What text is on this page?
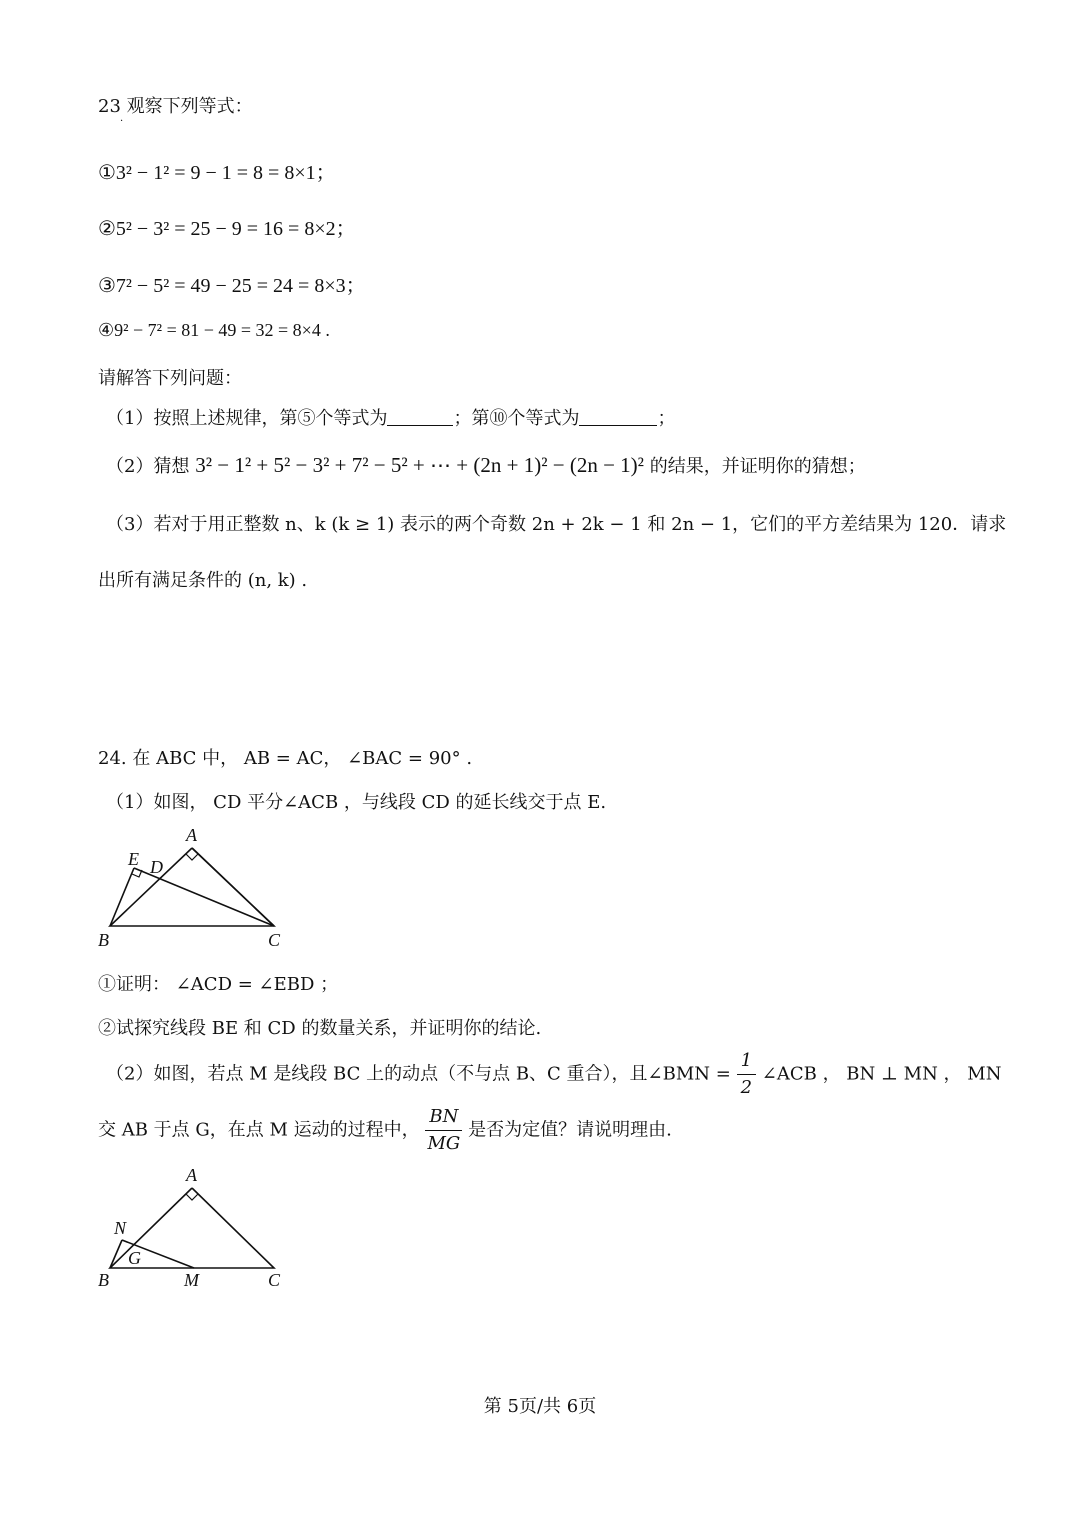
23 观察下列等式：
·
①3² − 1² = 9 − 1 = 8 = 8×1；
②5² − 3² = 25 − 9 = 16 = 8×2；
③7² − 5² = 49 − 25 = 24 = 8×3；
④9² − 7² = 81 − 49 = 32 = 8×4 .
请解答下列问题：
（1）按照上述规律，第⑤个等式为	；第⑩个等式为	；
（2）猜想 3² − 1² + 5² − 3² + 7² − 5² + ⋯ + (2n + 1)² − (2n − 1)² 的结果，并证明你的猜想；
（3）若对于用正整数 n、k (k ≥ 1) 表示的两个奇数 2n + 2k − 1 和 2n − 1，它们的平方差结果为 120．请求
出所有满足条件的 (n, k) .
24. 在 ABC 中， AB = AC， ∠BAC = 90° .
（1）如图， CD 平分∠ACB ，与线段 CD 的延长线交于点 E.
A
B	C
D
E
①证明： ∠ACD = ∠EBD ；
②试探究线段 BE 和 CD 的数量关系，并证明你的结论.
（2）如图，若点 M 是线段 BC 上的动点（不与点 B、C 重合），且∠BMN = $\frac{1}{2}$ ∠ACB ， BN ⊥ MN ， MN
交 AB 于点 G，在点 M 运动的过程中， $\frac{BN}{MG}$ 是否为定值？请说明理由.
A
N
G
B	M	C
第 5页/共 6页
